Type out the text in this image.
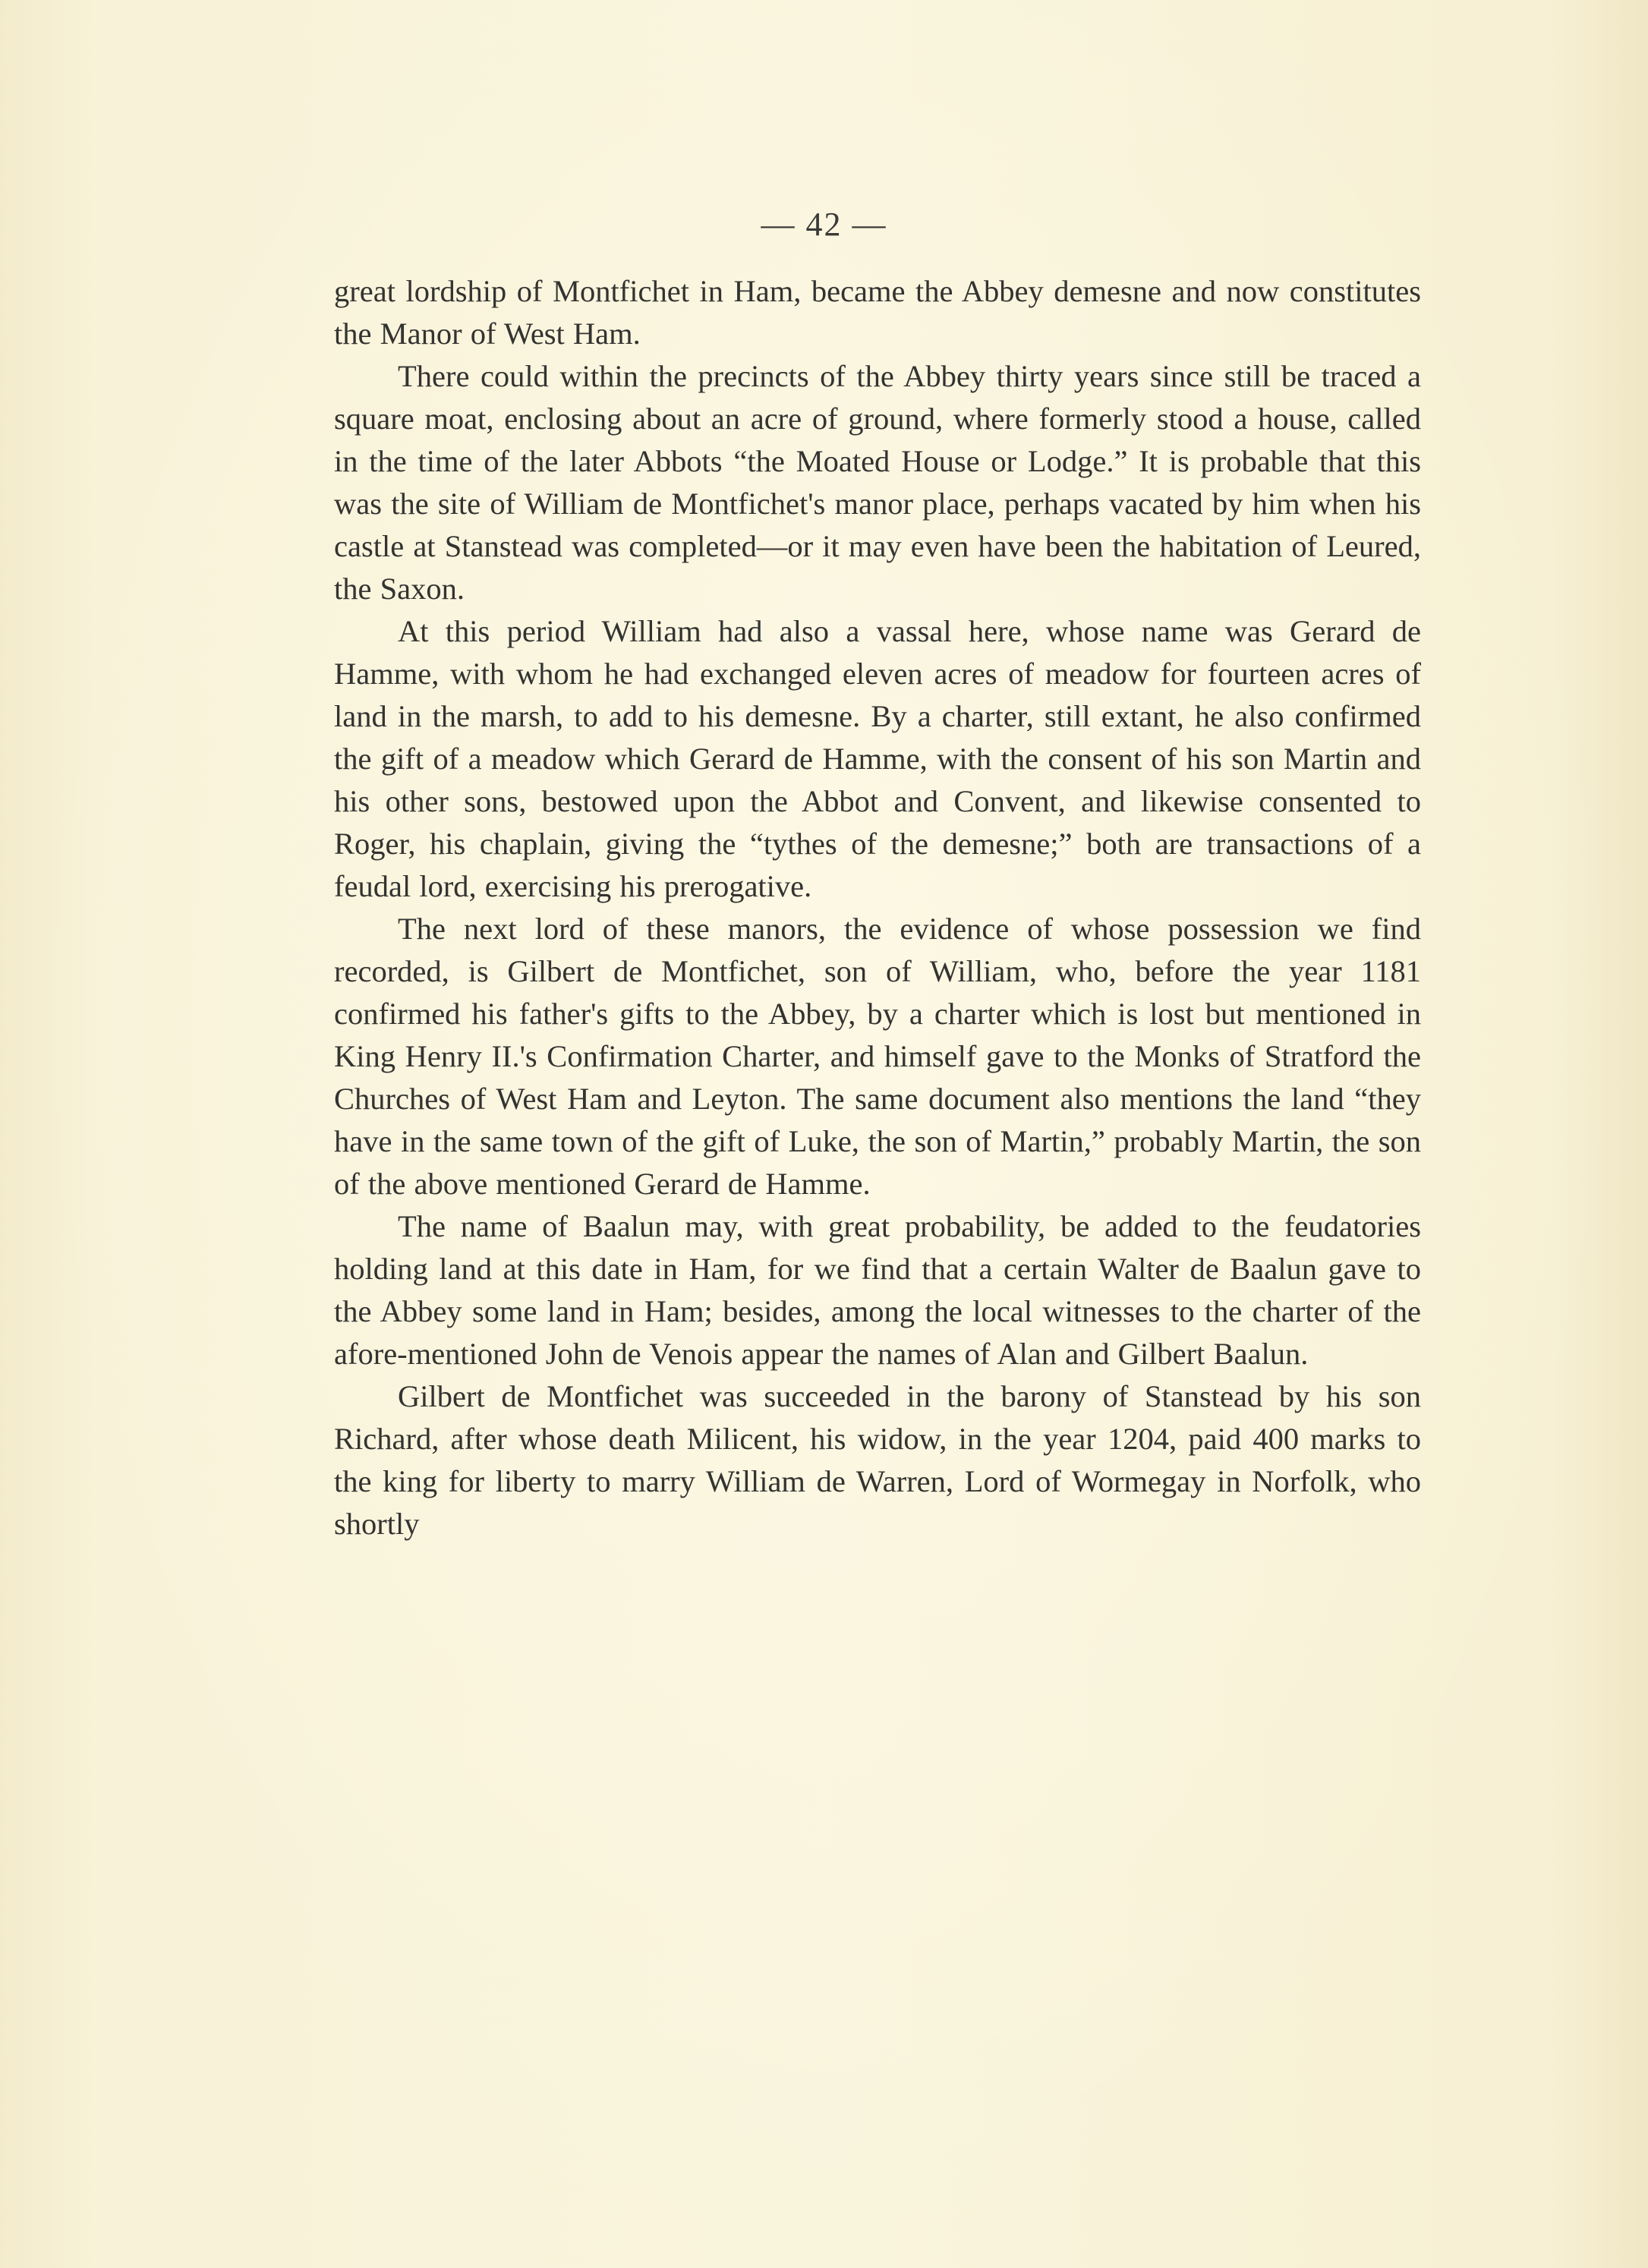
— 42 —

great lordship of Montfichet in Ham, became the Abbey demesne and now constitutes the Manor of West Ham.

There could within the precincts of the Abbey thirty years since still be traced a square moat, enclosing about an acre of ground, where formerly stood a house, called in the time of the later Abbots “the Moated House or Lodge.” It is probable that this was the site of William de Montfichet's manor place, perhaps vacated by him when his castle at Stanstead was completed—or it may even have been the habitation of Leured, the Saxon.

At this period William had also a vassal here, whose name was Gerard de Hamme, with whom he had exchanged eleven acres of meadow for fourteen acres of land in the marsh, to add to his demesne. By a charter, still extant, he also confirmed the gift of a meadow which Gerard de Hamme, with the consent of his son Martin and his other sons, bestowed upon the Abbot and Convent, and likewise consented to Roger, his chaplain, giving the “tythes of the demesne;” both are transactions of a feudal lord, exercising his prerogative.

The next lord of these manors, the evidence of whose possession we find recorded, is Gilbert de Montfichet, son of William, who, before the year 1181 confirmed his father's gifts to the Abbey, by a charter which is lost but mentioned in King Henry II.'s Confirmation Charter, and himself gave to the Monks of Stratford the Churches of West Ham and Leyton. The same document also mentions the land “they have in the same town of the gift of Luke, the son of Martin,” probably Martin, the son of the above mentioned Gerard de Hamme.

The name of Baalun may, with great probability, be added to the feudatories holding land at this date in Ham, for we find that a certain Walter de Baalun gave to the Abbey some land in Ham; besides, among the local witnesses to the charter of the afore-mentioned John de Venois appear the names of Alan and Gilbert Baalun.

Gilbert de Montfichet was succeeded in the barony of Stanstead by his son Richard, after whose death Milicent, his widow, in the year 1204, paid 400 marks to the king for liberty to marry William de Warren, Lord of Wormegay in Norfolk, who shortly
